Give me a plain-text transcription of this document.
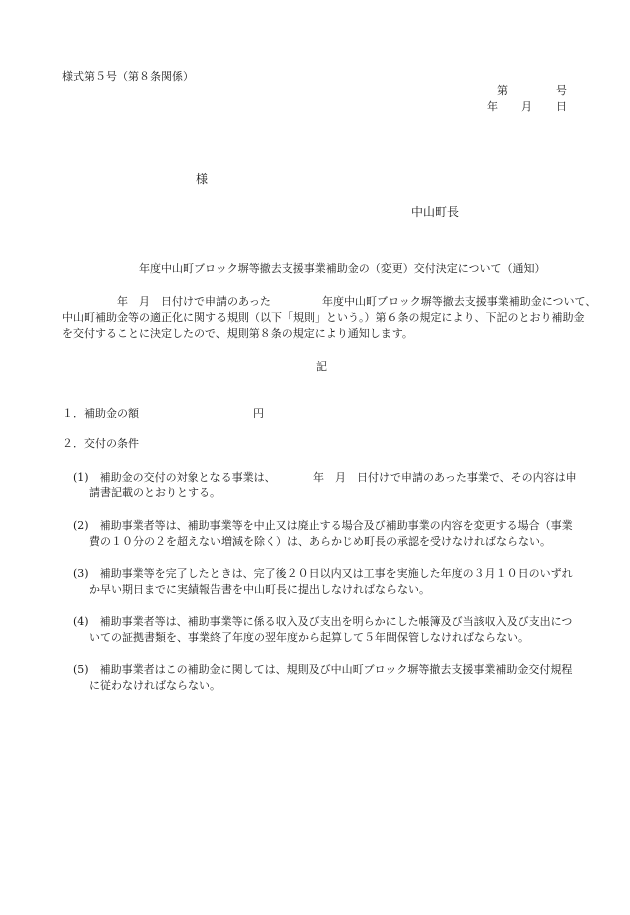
様式第５号（第８条関係）
第	号
年 月 日
様
中山町長
年度中山町ブロック塀等撤去支援事業補助金の（変更）交付決定について（通知）
年　月　日付けで申請のあった	年度中山町ブロック塀等撤去支援事業補助金について、
中山町補助金等の適正化に関する規則（以下「規則」という。）第６条の規定により、下記のとおり補助金
を交付することに決定したので、規則第８条の規定により通知します。
記
１．補助金の額	円
２．交付の条件
(1)　補助金の交付の対象となる事業は、	年　月　日付けで申請のあった事業で、その内容は申
請書記載のとおりとする。
(2)　補助事業者等は、補助事業等を中止又は廃止する場合及び補助事業の内容を変更する場合（事業
費の１０分の２を超えない増減を除く）は、あらかじめ町長の承認を受けなければならない。
(3)　補助事業等を完了したときは、完了後２０日以内又は工事を実施した年度の３月１０日のいずれ
か早い期日までに実績報告書を中山町長に提出しなければならない。
(4)　補助事業者等は、補助事業等に係る収入及び支出を明らかにした帳簿及び当該収入及び支出につ
いての証拠書類を、事業終了年度の翌年度から起算して５年間保管しなければならない。
(5)　補助事業者はこの補助金に関しては、規則及び中山町ブロック塀等撤去支援事業補助金交付規程
に従わなければならない。
